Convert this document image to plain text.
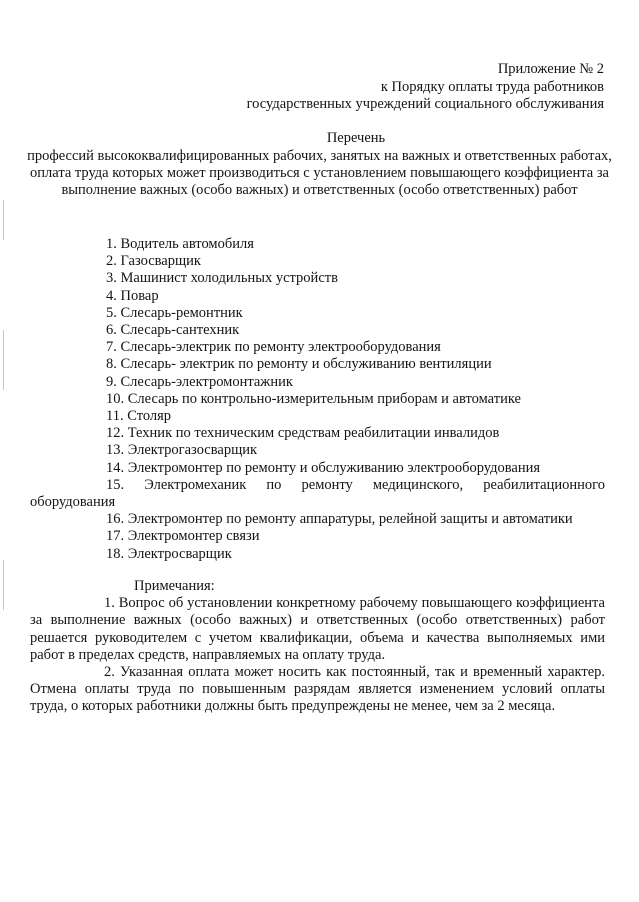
Приложение № 2
к Порядку оплаты труда работников
государственных учреждений социального обслуживания
Перечень
профессий высококвалифицированных рабочих, занятых на важных и ответственных работах, оплата труда которых может производиться с установлением повышающего коэффициента за выполнение важных (особо важных) и ответственных (особо ответственных) работ
1. Водитель автомобиля
2. Газосварщик
3. Машинист холодильных устройств
4. Повар
5. Слесарь-ремонтник
6. Слесарь-сантехник
7. Слесарь-электрик по ремонту электрооборудования
8. Слесарь- электрик по ремонту и обслуживанию вентиляции
9. Слесарь-электромонтажник
10. Слесарь по контрольно-измерительным приборам и автоматике
11. Столяр
12. Техник по техническим средствам реабилитации инвалидов
13. Электрогазосварщик
14. Электромонтер по ремонту и обслуживанию электрооборудования
15. Электромеханик по ремонту медицинского, реабилитационного оборудования
16. Электромонтер по ремонту аппаратуры, релейной защиты и автоматики
17. Электромонтер связи
18. Электросварщик
Примечания:

1. Вопрос об установлении конкретному рабочему повышающего коэффициента за выполнение важных (особо важных) и ответственных (особо ответственных) работ решается руководителем с учетом квалификации, объема и качества выполняемых ими работ в пределах средств, направляемых на оплату труда.

2. Указанная оплата может носить как постоянный, так и временный характер. Отмена оплаты труда по повышенным разрядам является изменением условий оплаты труда, о которых работники должны быть предупреждены не менее, чем за 2 месяца.
